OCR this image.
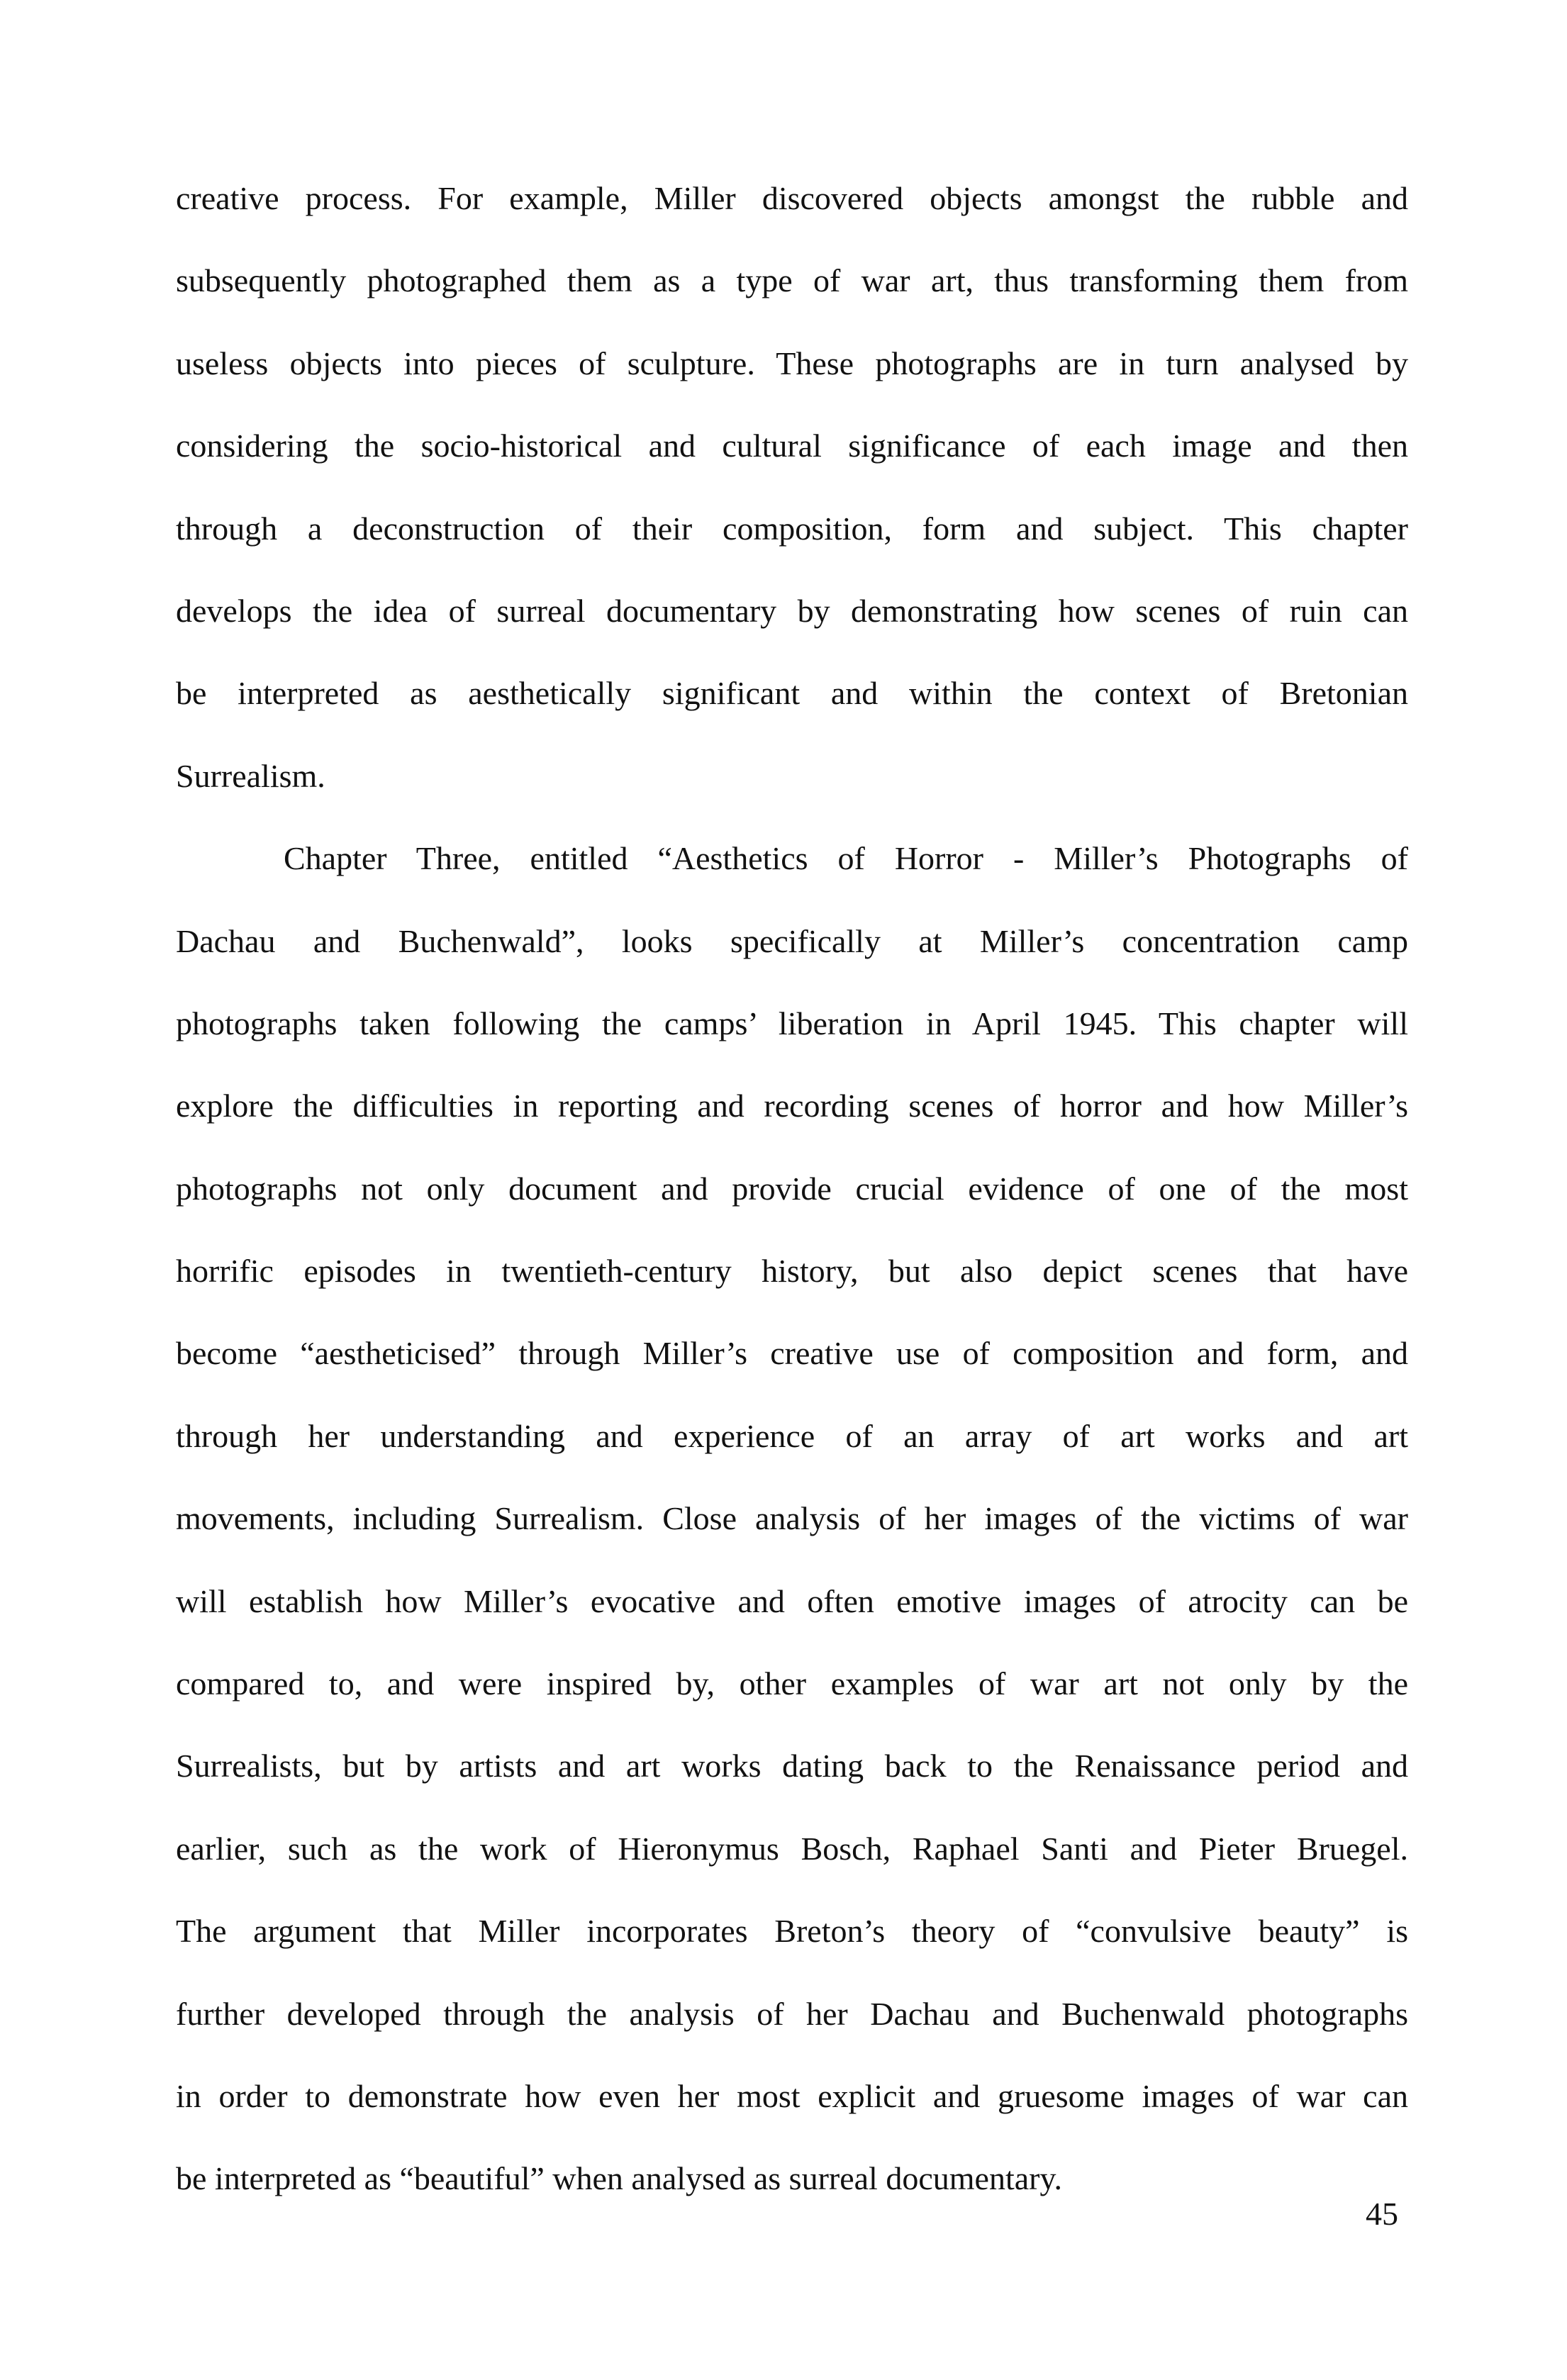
creative process. For example, Miller discovered objects amongst the rubble and
subsequently photographed them as a type of war art, thus transforming them from
useless objects into pieces of sculpture. These photographs are in turn analysed by
considering the socio-historical and cultural significance of each image and then
through a deconstruction of their composition, form and subject. This chapter
develops the idea of surreal documentary by demonstrating how scenes of ruin can
be interpreted as aesthetically significant and within the context of Bretonian
Surrealism.
Chapter Three, entitled “Aesthetics of Horror - Miller’s Photographs of
Dachau and Buchenwald”, looks specifically at Miller’s concentration camp
photographs taken following the camps’ liberation in April 1945. This chapter will
explore the difficulties in reporting and recording scenes of horror and how Miller’s
photographs not only document and provide crucial evidence of one of the most
horrific episodes in twentieth-century history, but also depict scenes that have
become “aestheticised” through Miller’s creative use of composition and form, and
through her understanding and experience of an array of art works and art
movements, including Surrealism. Close analysis of her images of the victims of war
will establish how Miller’s evocative and often emotive images of atrocity can be
compared to, and were inspired by, other examples of war art not only by the
Surrealists, but by artists and art works dating back to the Renaissance period and
earlier, such as the work of Hieronymus Bosch, Raphael Santi and Pieter Bruegel.
The argument that Miller incorporates Breton’s theory of “convulsive beauty” is
further developed through the analysis of her Dachau and Buchenwald photographs
in order to demonstrate how even her most explicit and gruesome images of war can
be interpreted as “beautiful” when analysed as surreal documentary.
45
